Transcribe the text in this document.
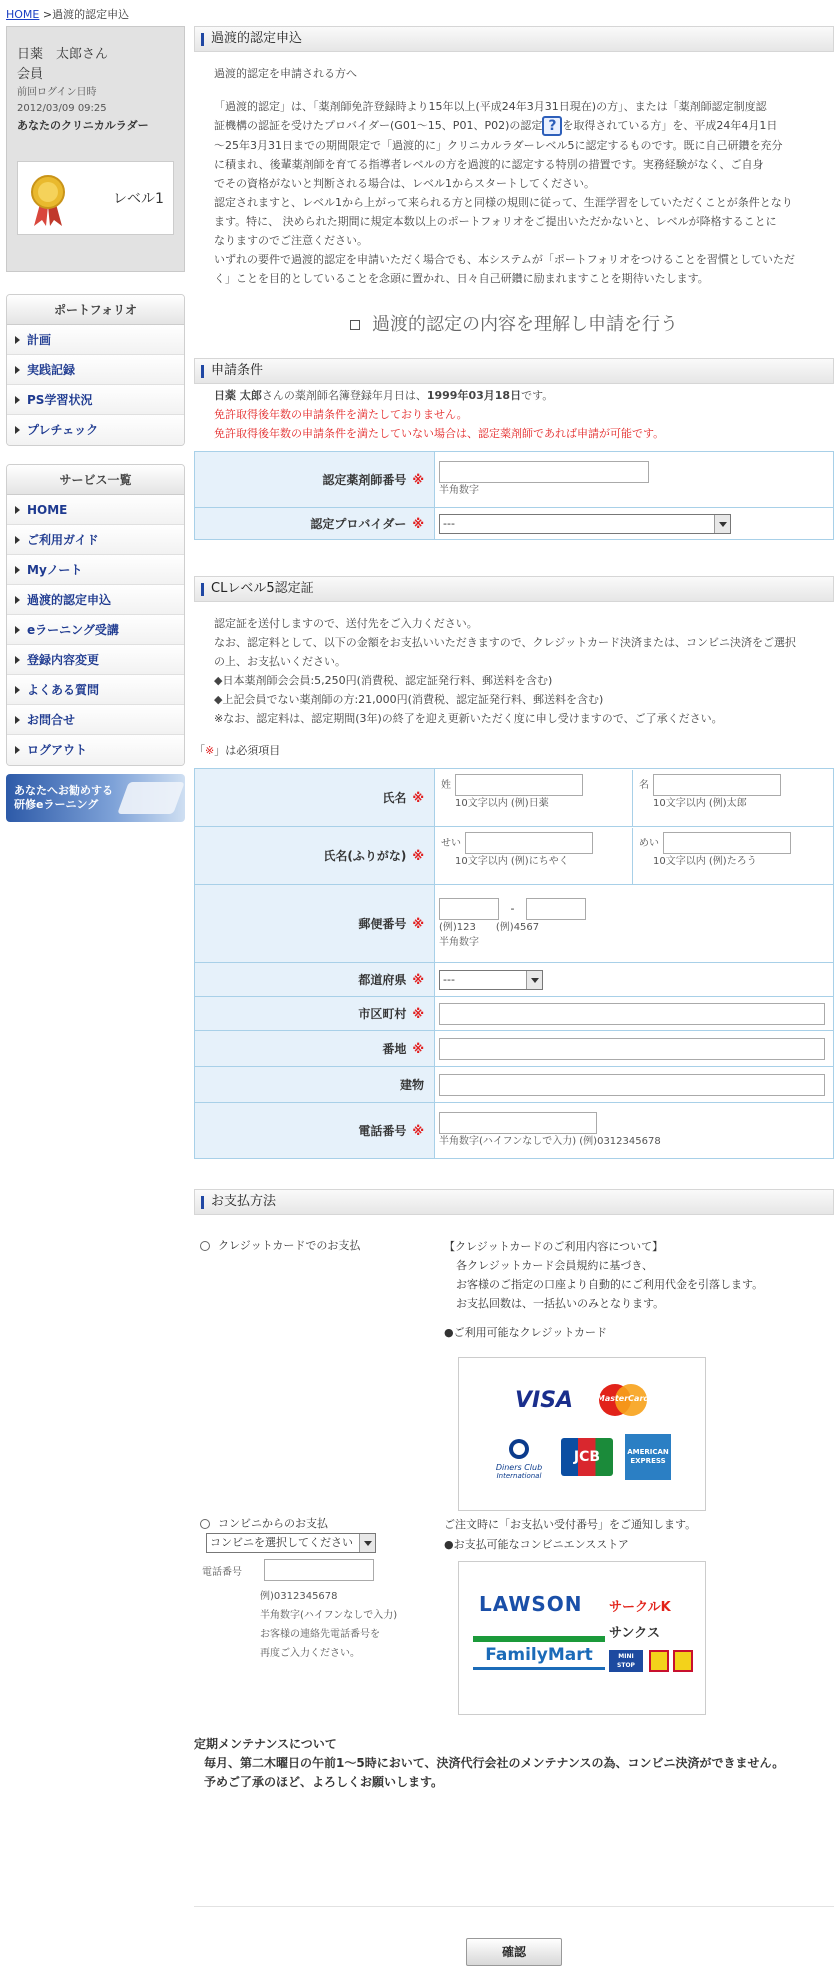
HOME >過渡的認定申込
日薬　太郎さん
会員
前回ログイン日時
2012/03/09 09:25
あなたのクリニカルラダー
レベル1
ポートフォリオ
計画
実践記録
PS学習状況
プレチェック
サービス一覧
HOME
ご利用ガイド
Myノート
過渡的認定申込
eラーニング受講
登録内容変更
よくある質問
お問合せ
ログアウト
あなたへお勧めする
研修eラーニング
過渡的認定申込
過渡的認定を申請される方へ
「過渡的認定」は、「薬剤師免許登録時より15年以上(平成24年3月31日現在)の方」、または「薬剤師認定制度認
証機構の認証を受けたプロバイダー(G01〜15、P01、P02)の認定 ? を取得されている方」を、平成24年4月1日
〜25年3月31日までの期間限定で「過渡的に」クリニカルラダーレベル5に認定するものです。既に自己研鑽を充分
に積まれ、後輩薬剤師を育てる指導者レベルの方を過渡的に認定する特別の措置です。実務経験がなく、ご自身
でその資格がないと判断される場合は、レベル1からスタートしてください。
認定されますと、レベル1から上がって来られる方と同様の規則に従って、生涯学習をしていただくことが条件となり
ます。特に、 決められた期間に規定本数以上のポートフォリオをご提出いただかないと、レベルが降格することに
なりますのでご注意ください。
いずれの要件で過渡的認定を申請いただく場合でも、本システムが「ポートフォリオをつけることを習慣としていただ
く」ことを目的としていることを念頭に置かれ、日々自己研鑽に励まれますことを期待いたします。
過渡的認定の内容を理解し申請を行う
申請条件
日薬 太郎さんの薬剤師名簿登録年月日は、1999年03月18日です。
免許取得後年数の申請条件を満たしておりません。
免許取得後年数の申請条件を満たしていない場合は、認定薬剤師であれば申請が可能です。
認定薬剤師番号 ※	半角数字

認定プロバイダー ※	---
CLレベル5認定証
認定証を送付しますので、送付先をご入力ください。
なお、認定料として、以下の金額をお支払いいただきますので、クレジットカード決済または、コンビニ決済をご選択
の上、お支払いください。
◆日本薬剤師会会員:5,250円(消費税、認定証発行料、郵送料を含む)
◆上記会員でない薬剤師の方:21,000円(消費税、認定証発行料、郵送料を含む)
※なお、認定料は、認定期間(3年)の終了を迎え更新いただく度に申し受けますので、ご了承ください。
「※」は必須項目
氏名 ※	姓
10文字以内 (例)日薬
名
10文字以内 (例)太郎

氏名(ふりがな) ※	せい
10文字以内 (例)にちやく
めい
10文字以内 (例)たろう

郵便番号 ※	-
(例)123　　(例)4567
半角数字

都道府県 ※	---

市区町村 ※	
番地 ※	
建物	
電話番号 ※	半角数字(ハイフンなしで入力) (例)0312345678
お支払方法
クレジットカードでのお支払	【クレジットカードのご利用内容について】
各クレジットカード会員規約に基づき、
お客様のご指定の口座より自動的にご利用代金を引落します。
お支払回数は、一括払いのみとなります。
●ご利用可能なクレジットカード
VISA	MasterCard
Diners Club
International
JCB	AMERICAN EXPRESS
コンビニからのお支払
コンビニを選択してください
電話番号
例)0312345678
半角数字(ハイフンなしで入力)
お客様の連絡先電話番号を
再度ご入力ください。
ご注文時に「お支払い受付番号」をご通知します。
●お支払可能なコンビニエンスストア
LAWSON サークルK
サンクス
FamilyMart	MINI STOP
定期メンテナンスについて
毎月、第二木曜日の午前1〜5時において、決済代行会社のメンテナンスの為、コンビニ決済ができません。
予めご了承のほど、よろしくお願いします。
確認
